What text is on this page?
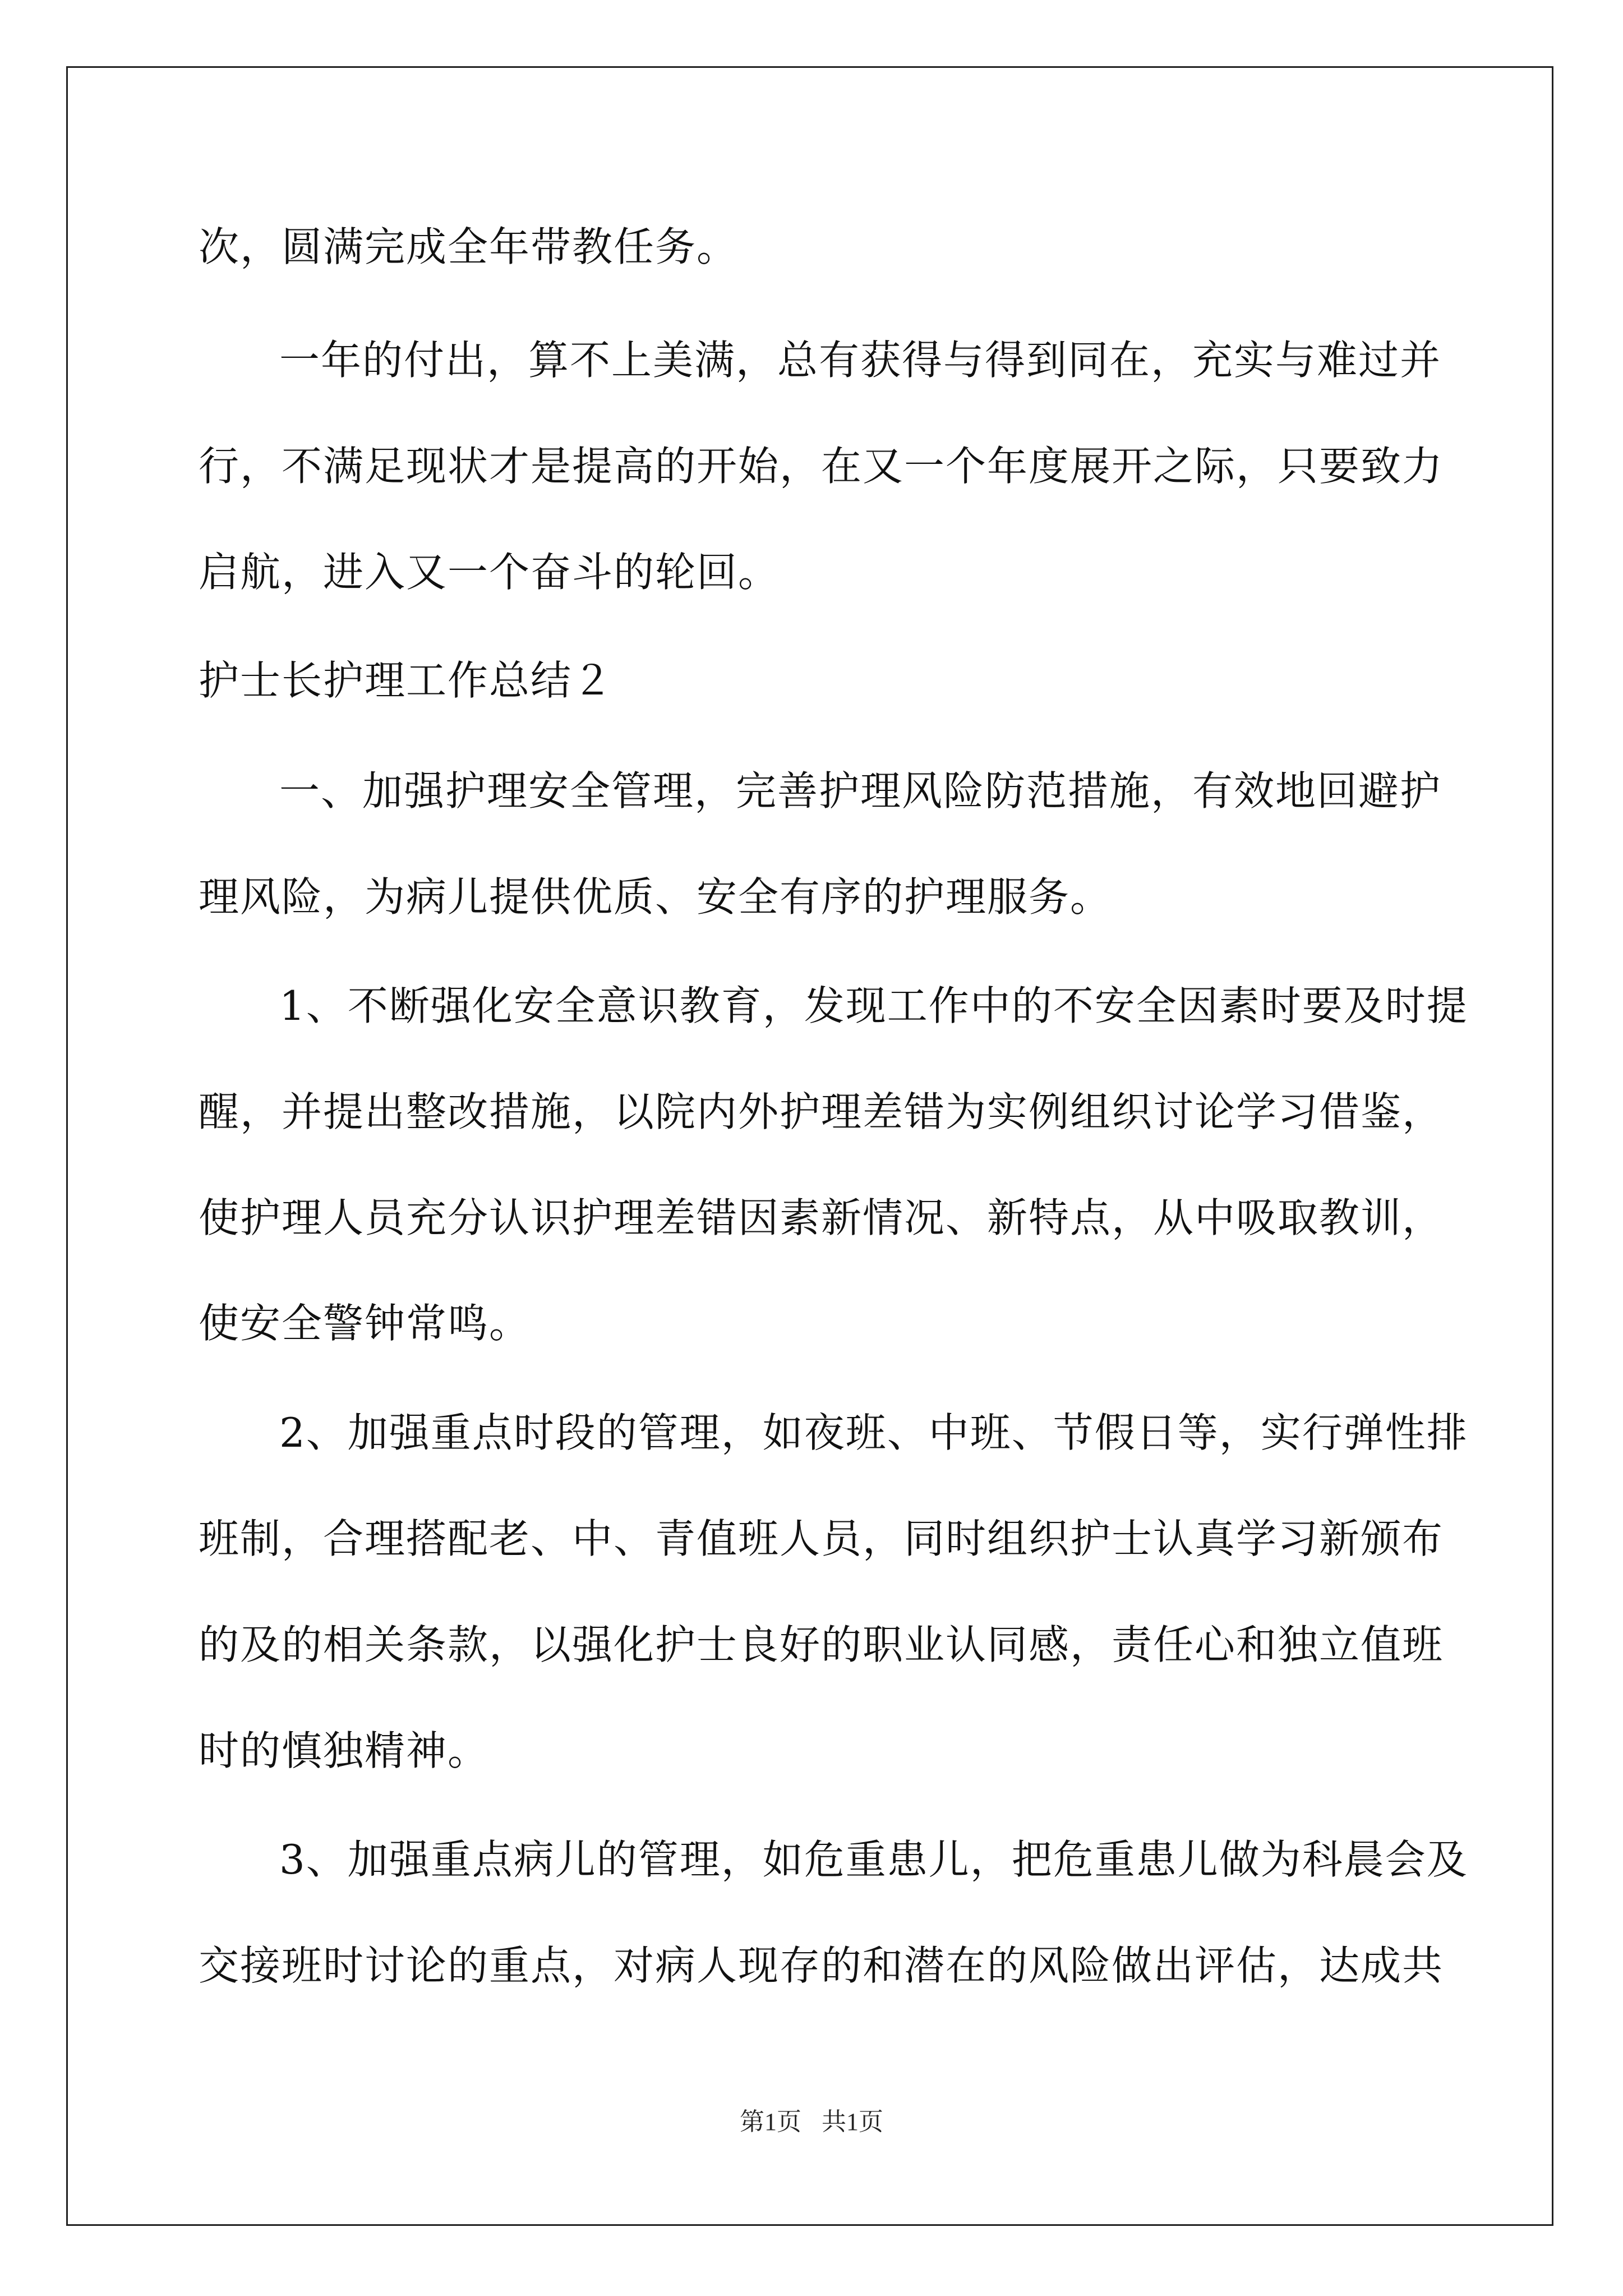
次，圆满完成全年带教任务。
一年的付出，算不上美满，总有获得与得到同在，充实与难过并
行，不满足现状才是提高的开始，在又一个年度展开之际，只要致力
启航，进入又一个奋斗的轮回。
护士长护理工作总结２
一、加强护理安全管理，完善护理风险防范措施，有效地回避护
理风险，为病儿提供优质、安全有序的护理服务。
1、不断强化安全意识教育，发现工作中的不安全因素时要及时提
醒，并提出整改措施，以院内外护理差错为实例组织讨论学习借鉴，
使护理人员充分认识护理差错因素新情况、新特点，从中吸取教训，
使安全警钟常鸣。
2、加强重点时段的管理，如夜班、中班、节假日等，实行弹性排
班制，合理搭配老、中、青值班人员，同时组织护士认真学习新颁布
的及的相关条款，以强化护士良好的职业认同感，责任心和独立值班
时的慎独精神。
3、加强重点病儿的管理，如危重患儿，把危重患儿做为科晨会及
交接班时讨论的重点，对病人现存的和潜在的风险做出评估，达成共
第1页 共1页
